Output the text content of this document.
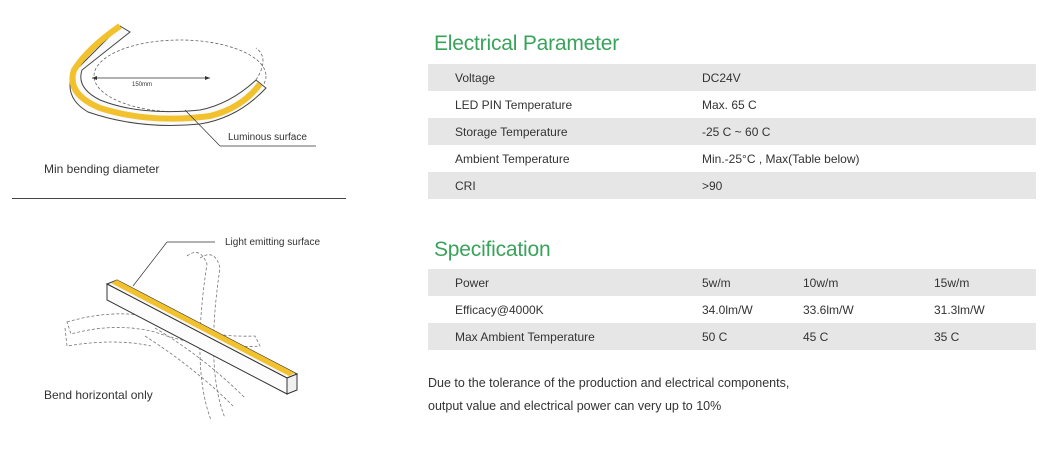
150mm
Luminous surface
Min bending diameter
Light emitting surface
Bend horizontal only
Electrical Parameter
Voltage	DC24V
LED PIN Temperature	Max. 65 C
Storage Temperature	-25 C ~ 60 C
Ambient Temperature	Min.-25°C , Max(Table below)
CRI	>90
Specification
Power	5w/m	10w/m	15w/m
Efficacy@4000K	34.0lm/W	33.6lm/W	31.3lm/W
Max Ambient Temperature	50 C	45 C	35 C
Due to the tolerance of the production and electrical components,
output value and electrical power can very up to 10%
